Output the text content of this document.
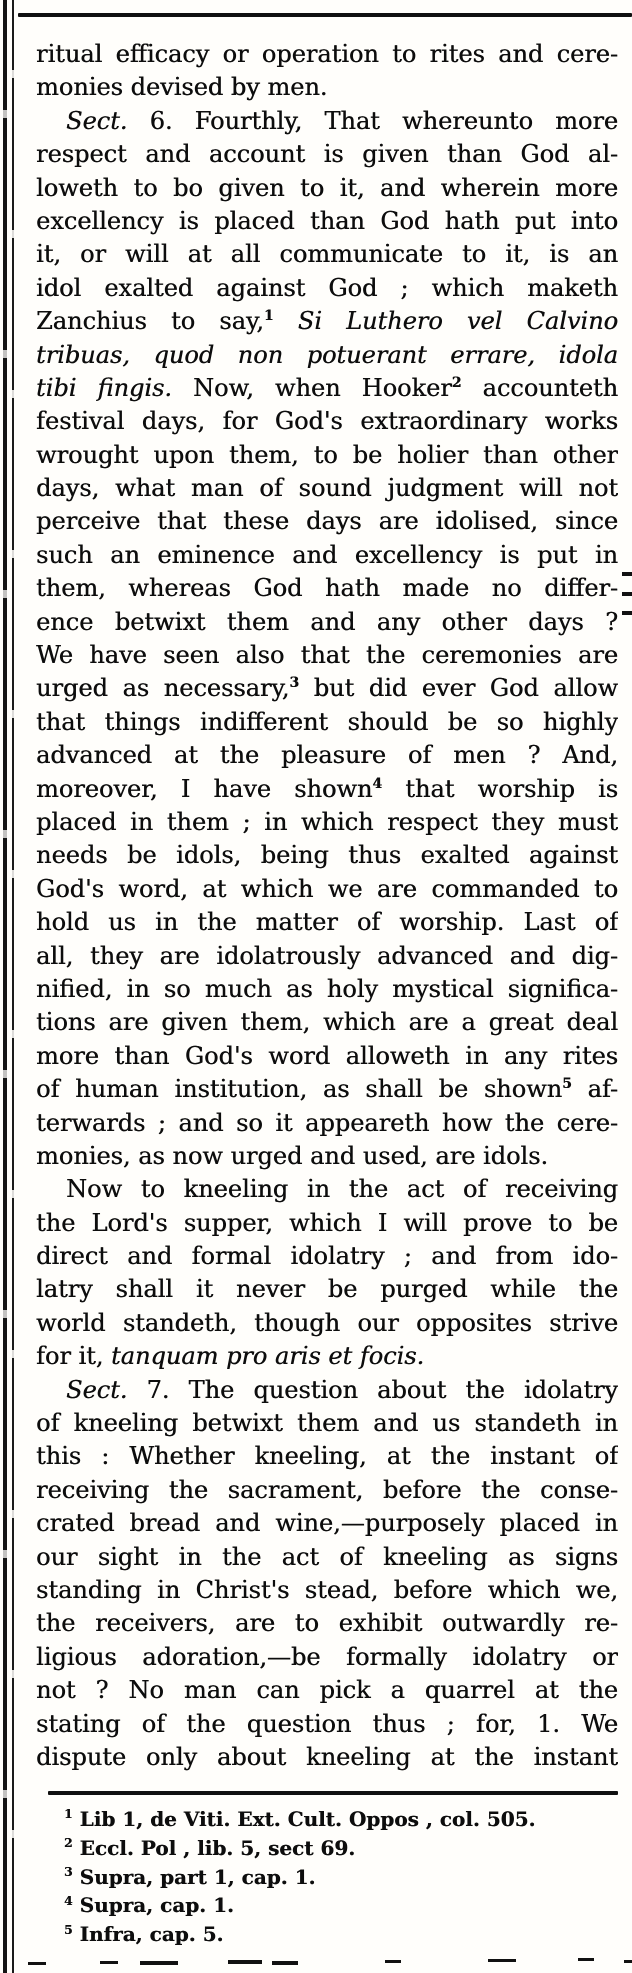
ritual efficacy or operation to rites and cere-
monies devised by men.
Sect. 6. Fourthly, That whereunto more
respect and account is given than God al-
loweth to bo given to it, and wherein more
excellency is placed than God hath put into
it, or will at all communicate to it, is an
idol exalted against God ; which maketh
Zanchius to say,$^1$ Si Luthero vel Calvino
tribuas, quod non potuerant errare, idola
tibi fingis. Now, when Hooker$^2$ accounteth
festival days, for God's extraordinary works
wrought upon them, to be holier than other
days, what man of sound judgment will not
perceive that these days are idolised, since
such an eminence and excellency is put in
them, whereas God hath made no differ-
ence betwixt them and any other days ?
We have seen also that the ceremonies are
urged as necessary,$^3$ but did ever God allow
that things indifferent should be so highly
advanced at the pleasure of men ? And,
moreover, I have shown$^4$ that worship is
placed in them ; in which respect they must
needs be idols, being thus exalted against
God's word, at which we are commanded to
hold us in the matter of worship. Last of
all, they are idolatrously advanced and dig-
nified, in so much as holy mystical significa-
tions are given them, which are a great deal
more than God's word alloweth in any rites
of human institution, as shall be shown$^5$ af-
terwards ; and so it appeareth how the cere-
monies, as now urged and used, are idols.
Now to kneeling in the act of receiving
the Lord's supper, which I will prove to be
direct and formal idolatry ; and from ido-
latry shall it never be purged while the
world standeth, though our opposites strive
for it, tanquam pro aris et focis.
Sect. 7. The question about the idolatry
of kneeling betwixt them and us standeth in
this : Whether kneeling, at the instant of
receiving the sacrament, before the conse-
crated bread and wine,—purposely placed in
our sight in the act of kneeling as signs
standing in Christ's stead, before which we,
the receivers, are to exhibit outwardly re-
ligious adoration,—be formally idolatry or
not ? No man can pick a quarrel at the
stating of the question thus ; for, 1. We
dispute only about kneeling at the instant
$^1$ Lib 1, de Viti. Ext. Cult. Oppos , col. 505.
$^2$ Eccl. Pol , lib. 5, sect 69.
$^3$ Supra, part 1, cap. 1.
$^4$ Supra, cap. 1.
$^5$ Infra, cap. 5.
